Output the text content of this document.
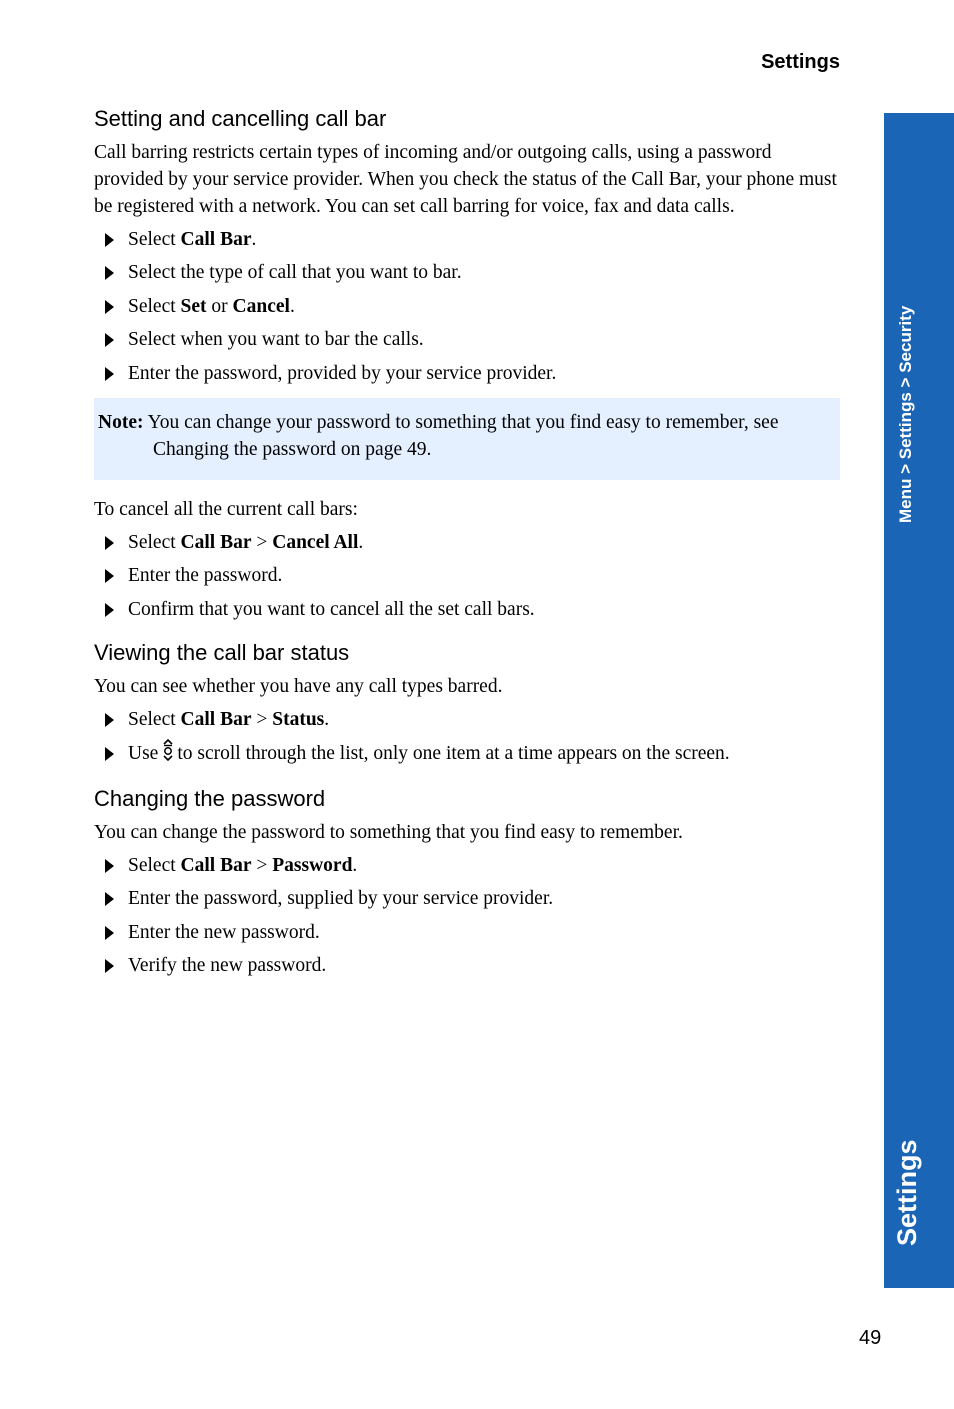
Settings
Menu > Settings > Security
Settings
Setting and cancelling call bar

Call barring restricts certain types of incoming and/or outgoing calls, using a password provided by your service provider. When you check the status of the Call Bar, your phone must be registered with a network. You can set call barring for voice, fax and data calls.

Select Call Bar.
Select the type of call that you want to bar.
Select Set or Cancel.
Select when you want to bar the calls.
Enter the password, provided by your service provider.

Note: You can change your password to something that you find easy to remember, see Changing the password on page 49.

To cancel all the current call bars:

Select Call Bar > Cancel All.
Enter the password.
Confirm that you want to cancel all the set call bars.
Viewing the call bar status

You can see whether you have any call types barred.

Select Call Bar > Status.
Use to scroll through the list, only one item at a time appears on the screen.
Changing the password

You can change the password to something that you find easy to remember.

Select Call Bar > Password.
Enter the password, supplied by your service provider.
Enter the new password.
Verify the new password.
49
